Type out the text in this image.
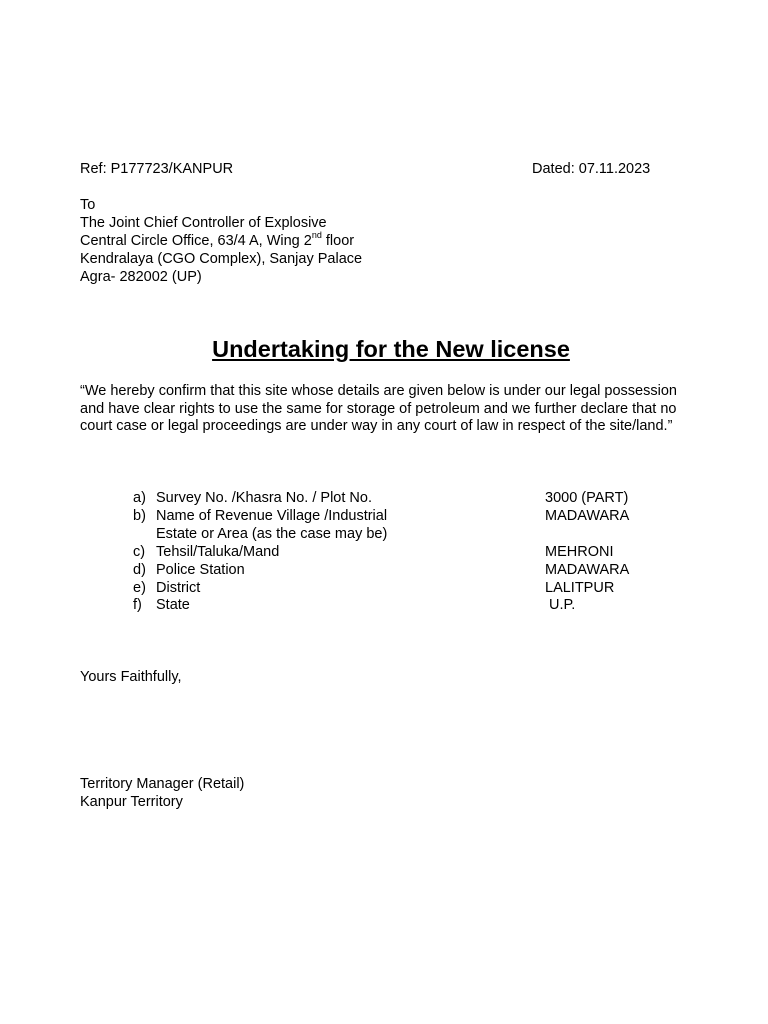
Ref: P177723/KANPUR	Dated: 07.11.2023
To
The Joint Chief Controller of Explosive
Central Circle Office, 63/4 A, Wing 2nd floor
Kendralaya (CGO Complex), Sanjay Palace
Agra- 282002 (UP)
Undertaking for the New license
“We hereby confirm that this site whose details are given below is under our legal possession
and have clear rights to use the same for storage of petroleum and we further declare that no
court case or legal proceedings are under way in any court of law in respect of the site/land.”
a) Survey No. /Khasra No. / Plot No.	3000 (PART)
b) Name of Revenue Village /Industrial	MADAWARA
Estate or Area (as the case may be)
c) Tehsil/Taluka/Mand	MEHRONI
d) Police Station	MADAWARA
e) District	LALITPUR
f) State	U.P.
Yours Faithfully,
Territory Manager (Retail)
Kanpur Territory
